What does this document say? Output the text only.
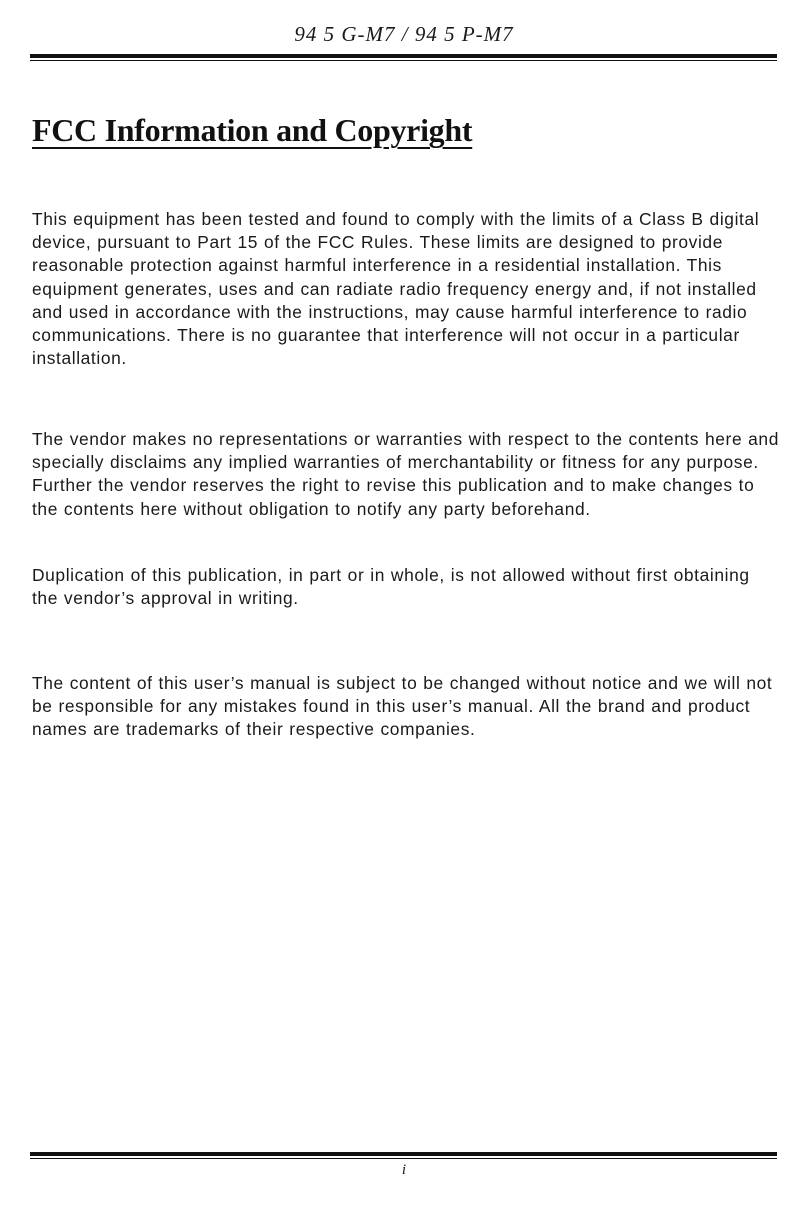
94 5 G-M7 / 94 5 P-M7
FCC Information and Copyright

This equipment has been tested and found to comply with the limits of a Class B digital device, pursuant to Part 15 of the FCC Rules. These limits are designed to provide reasonable protection against harmful interference in a residential installation. This equipment generates, uses and can radiate radio frequency energy and, if not installed and used in accordance with the instructions, may cause harmful interference to radio communications. There is no guarantee that interference will not occur in a particular installation.

The vendor makes no representations or warranties with respect to the contents here and specially disclaims any implied warranties of merchantability or fitness for any purpose. Further the vendor reserves the right to revise this publication and to make changes to the contents here without obligation to notify any party beforehand.

Duplication of this publication, in part or in whole, is not allowed without first obtaining the vendor’s approval in writing.

The content of this user’s manual is subject to be changed without notice and we will not be responsible for any mistakes found in this user’s manual. All the brand and product names are trademarks of their respective companies.

i
